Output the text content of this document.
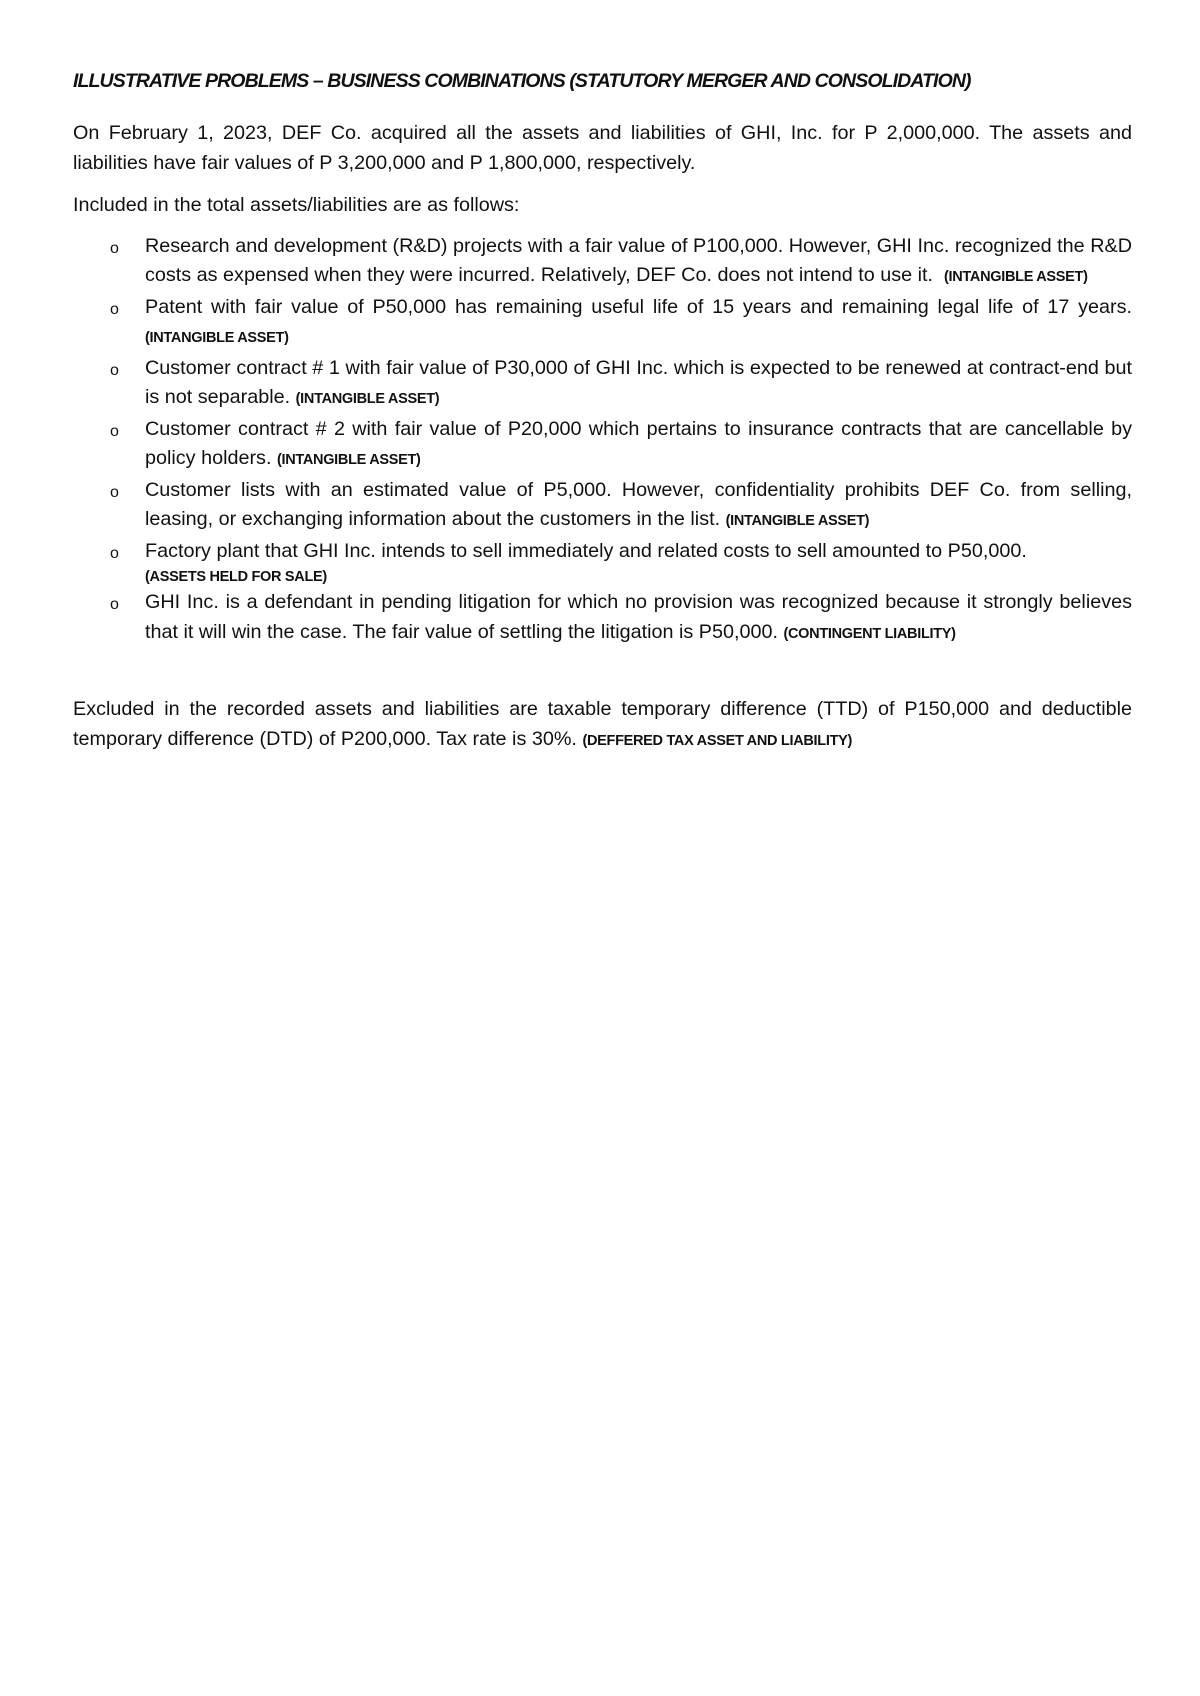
ILLUSTRATIVE PROBLEMS – BUSINESS COMBINATIONS (STATUTORY MERGER AND CONSOLIDATION)

On February 1, 2023, DEF Co. acquired all the assets and liabilities of GHI, Inc. for P 2,000,000. The assets and liabilities have fair values of P 3,200,000 and P 1,800,000, respectively.

Included in the total assets/liabilities are as follows:

o Research and development (R&D) projects with a fair value of P100,000. However, GHI Inc. recognized the R&D costs as expensed when they were incurred. Relatively, DEF Co. does not intend to use it. (INTANGIBLE ASSET)
o Patent with fair value of P50,000 has remaining useful life of 15 years and remaining legal life of 17 years. (INTANGIBLE ASSET)
o Customer contract # 1 with fair value of P30,000 of GHI Inc. which is expected to be renewed at contract-end but is not separable. (INTANGIBLE ASSET)
o Customer contract # 2 with fair value of P20,000 which pertains to insurance contracts that are cancellable by policy holders. (INTANGIBLE ASSET)
o Customer lists with an estimated value of P5,000. However, confidentiality prohibits DEF Co. from selling, leasing, or exchanging information about the customers in the list. (INTANGIBLE ASSET)
o Factory plant that GHI Inc. intends to sell immediately and related costs to sell amounted to P50,000.
(ASSETS HELD FOR SALE)
o GHI Inc. is a defendant in pending litigation for which no provision was recognized because it strongly believes that it will win the case. The fair value of settling the litigation is P50,000. (CONTINGENT LIABILITY)

Excluded in the recorded assets and liabilities are taxable temporary difference (TTD) of P150,000 and deductible temporary difference (DTD) of P200,000. Tax rate is 30%. (DEFFERED TAX ASSET AND LIABILITY)
